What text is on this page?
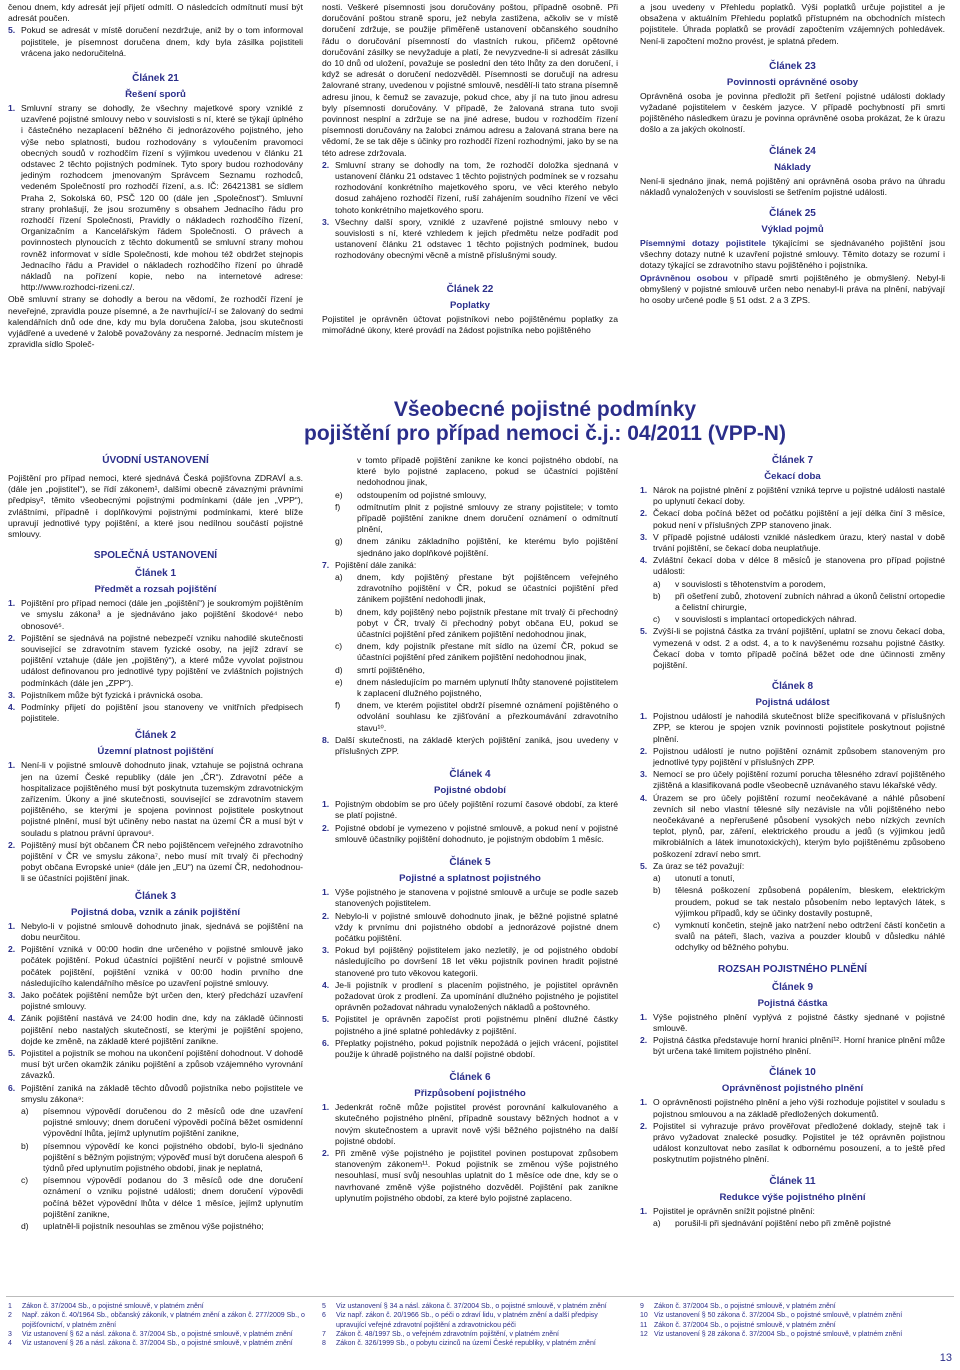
čenou dnem, kdy adresát její přijetí odmítl. O následcích odmítnutí musí být adresát poučen.

5. Pokud se adresát v místě doručení nezdržuje, aniž by o tom informoval pojistitele, je písemnost doručena dnem, kdy byla zásilka pojistiteli vrácena jako nedoručitelná.
Článek 21
Řešení sporů
1. Smluvní strany se dohodly, že všechny majetkové spory vzniklé z uzavřené pojistné smlouvy nebo v souvislosti s ní, které se týkají úplného i částečného nezaplacení běžného či jednorázového pojistného, jeho výše nebo splatnosti, budou rozhodovány s vyloučením pravomoci obecných soudů v rozhodčím řízení s výjimkou uvedenou v článku 21 odstavec 2 těchto pojistných podmínek. Tyto spory budou rozhodovány jediným rozhodcem jmenovaným Správcem Seznamu rozhodců, vedeném Společností pro rozhodčí řízení, a.s. IČ: 26421381 se sídlem Praha 2, Sokolská 60, PSČ 120 00 (dále jen „Společnost“). Smluvní strany prohlašují, že jsou srozuměny s obsahem Jednacího řádu pro rozhodčí řízení Společnosti, Pravidly o nákladech rozhodčího řízení, Organizačním a Kancelářským řádem Společnosti. O právech a povinnostech plynoucích z těchto dokumentů se smluvní strany mohou rovněž informovat v sídle Společnosti, kde mohou též obdržet stejnopis Jednacího řádu a Pravidel o nákladech rozhodčího řízení po úhradě nákladů na pořízení kopie, nebo na internetové adrese: http://www.rozhodci-rizeni.cz/.

Obě smluvní strany se dohodly a berou na vědomí, že rozhodčí řízení je neveřejné, zpravidla pouze písemné, a že navrhující/-í se žalovaný do sedmi kalendářních dnů ode dne, kdy mu byla doručena žaloba, jsou skutečnosti vyjádřené a uvedené v žalobě považovány za nesporné. Jednacím místem je zpravidla sídlo Společ-

nosti. Veškeré písemnosti jsou doručovány poštou, případně osobně. Při doručování poštou straně sporu, jež nebyla zastižena, ačkoliv se v místě doručení zdržuje, se použije přiměřeně ustanovení občanského soudního řádu o doručování písemností do vlastních rukou, přičemž opětovné doručování zásilky se nevyžaduje a platí, že nevyzvedne-li si adresát zásilku do 10 dnů od uložení, považuje se poslední den této lhůty za den doručení, i když se adresát o doručení nedozvěděl. Písemnosti se doručují na adresu žalovrané strany, uvedenou v pojistné smlouvě, nesdělí-li tato strana písemně adresu jinou, k čemuž se zavazuje, pokud chce, aby jí na tuto jinou adresu byly písemnosti doručovány. V případě, že žalovaná strana tuto svoji povinnost nesplní a zdržuje se na jiné adrese, budou v rozhodčím řízení písemnosti doručovány na žalobci známou adresu a žalovaná strana bere na vědomí, že se tak děje s účinky pro rozhodčí řízení rozhodnými, jako by se na této adrese zdržovala.

2. Smluvní strany se dohodly na tom, že rozhodčí doložka sjednaná v ustanovení článku 21 odstavec 1 těchto pojistných podmínek se v rozsahu rozhodování konkrétního majetkového sporu, ve věci kterého nebylo dosud zahájeno rozhodčí řízení, ruší zahájením soudního řízení ve věci tohoto konkrétního majetkového sporu.
3. Všechny další spory, vzniklé z uzavřené pojistné smlouvy nebo v souvislosti s ní, které vzhledem k jejich předmětu nelze podřadit pod ustanovení článku 21 odstavec 1 těchto pojistných podmínek, budou rozhodovány obecnými věcně a místně příslušnými soudy.
Článek 22
Poplatky

Pojistitel je oprávněn účtovat pojistníkovi nebo pojištěnému poplatky za mimořádné úkony, které provádí na žádost pojistníka nebo pojištěného

a jsou uvedeny v Přehledu poplatků. Výši poplatků určuje pojistitel a je obsažena v aktuálním Přehledu poplatků přístupném na obchodních místech pojistitele. Úhrada poplatků se provádí započtením vzájemných pohledávek. Není-li započtení možno provést, je splatná předem.

Článek 23
Povinnosti oprávněné osoby

Oprávněná osoba je povinna předložit při šetření pojistné události doklady vyžadané pojistitelem v českém jazyce. V případě pochybností při smrti pojištěného následkem úrazu je povinna oprávněné osoba prokázat, že k úrazu došlo a za jakých okolností.

Článek 24
Náklady

Není-li sjednáno jinak, nemá pojištěný ani oprávněná osoba právo na úhradu nákladů vynaložených v souvislosti se šetřením pojistné události.

Článek 25
Výklad pojmů

Písemnými dotazy pojistitele týkajícími se sjednávaného pojištění jsou všechny dotazy nutné k uzavření pojistné smlouvy. Těmito dotazy se rozumí i dotazy týkající se zdravotního stavu pojištěného i pojistníka.

Oprávněnou osobou v případě smrti pojištěného je obmyšlený. Nebyl-li obmyšlený v pojistné smlouvě určen nebo nenabyl-li práva na plnění, nabývají ho osoby určené podle § 51 odst. 2 a 3 ZPS.

Všeobecné pojistné podmínky
pojištění pro případ nemoci č.j.: 04/2011 (VPP-N)
ÚVODNÍ USTANOVENÍ

Pojištění pro případ nemoci, které sjednává Česká pojišťovna ZDRAVÍ a.s. (dále jen „pojistitel“), se řídí zákonem¹, dalšími obecně závaznými právními předpisy², těmito všeobecnými pojistnými podmínkami (dále jen „VPP“), zvláštními, případně i doplňkovými pojistnými podmínkami, které blíže upravují jednotlivé typy pojištění, a které jsou nedílnou součástí pojistné smlouvy.

SPOLEČNÁ USTANOVENÍ
Článek 1
Předmět a rozsah pojištění
1. Pojištění pro případ nemoci (dále jen „pojištění“) je soukromým pojištěním ve smyslu zákona³ a je sjednáváno jako pojištění škodové⁴ nebo obnosové⁵.
2. Pojištění se sjednává na pojistné nebezpečí vzniku nahodilé skutečnosti související se zdravotním stavem fyzické osoby, na jejíž zdraví se pojištění vztahuje (dále jen „pojištěný“), a které může vyvolat pojistnou událost definovanou pro jednotlivé typy pojištění ve zvláštních pojistných podmínkách (dále jen „ZPP“).
3. Pojistníkem může být fyzická i právnická osoba.
4. Podmínky přijetí do pojištění jsou stanoveny ve vnitřních předpisech pojistitele.
Článek 2
Územní platnost pojištění
1. Není-li v pojistné smlouvě dohodnuto jinak, vztahuje se pojistná ochrana jen na území České republiky (dále jen „ČR“). Zdravotní péče a hospitalizace pojištěného musí být poskytnuta tuzemským zdravotnickým zařízením. Úkony a jiné skutečnosti, související se zdravotním stavem pojištěného, se kterými je spojena povinnost pojistitele poskytnout pojistné plnění, musí být učiněny nebo nastat na území ČR a musí být v souladu s platnou právní úpravou⁶.
2. Pojištěný musí být občanem ČR nebo pojištěncem veřejného zdravotního pojištění v ČR ve smyslu zákona⁷, nebo musí mít trvalý či přechodný pobyt občana Evropské unie⁸ (dále jen „EU“) na území ČR, nedohodnou-li se účastníci pojištění jinak.
Článek 3
Pojistná doba, vznik a zánik pojištění
1. Nebylo-li v pojistné smlouvě dohodnuto jinak, sjednává se pojištění na dobu neurčitou.
2. Pojištění vzniká v 00:00 hodin dne určeného v pojistné smlouvě jako počátek pojištění. Pokud účastníci pojištění neurčí v pojistné smlouvě počátek pojištění, pojištění vzniká v 00:00 hodin prvního dne následujícího kalendářního měsíce po uzavření pojistné smlouvy.
3. Jako počátek pojištění nemůže být určen den, který předchází uzavření pojistné smlouvy.
4. Zánik pojištění nastává ve 24:00 hodin dne, kdy na základě účinnosti pojištění nebo nastalých skutečností, se kterými je pojištění spojeno, dojde ke změně, na základě které pojištění zanikne.
5. Pojistitel a pojistník se mohou na ukončení pojištění dohodnout. V dohodě musí být určen okamžik zániku pojištění a způsob vzájemného vyrovnání závazků.
6. Pojištění zaniká na základě těchto důvodů pojistníka nebo pojistitele ve smyslu zákona⁹:
a)	písemnou výpovědí doručenou do 2 měsíců ode dne uzavření pojistné smlouvy; dnem doručení výpovědi počíná běžet osmidenní výpovědní lhůta, jejímž uplynutím pojištění zanikne,
b)	písemnou výpovědí ke konci pojistného období, bylo-li sjednáno pojištění s běžným pojistným; výpověď musí být doručena alespoň 6 týdnů před uplynutím pojistného období, jinak je neplatná,
c)	písemnou výpovědí podanou do 3 měsíců ode dne doručení oznámení o vzniku pojistné události; dnem doručení výpovědi počíná běžet výpovědní lhůta v délce 1 měsíce, jejímž uplynutím pojištění zanikne,
d)	uplatněl-li pojistník nesouhlas se změnou výše pojistného;

v tomto případě pojištění zanikne ke konci pojistného období, na které bylo pojistné zaplaceno, pokud se účastníci pojištění nedohodnou jinak,

e)	odstoupením od pojistné smlouvy,
f)	odmítnutím plnit z pojistné smlouvy ze strany pojistitele; v tomto případě pojištění zanikne dnem doručení oznámení o odmítnutí plnění,
g)	dnem zániku základního pojištění, ke kterému bylo pojištění sjednáno jako doplňkové pojištění.
7. Pojištění dále zaniká:
a)	dnem, kdy pojištěný přestane být pojištěncem veřejného zdravotního pojištění v ČR, pokud se účastníci pojištění před zánikem pojištění nedohodli jinak,
b)	dnem, kdy pojištěný nebo pojistník přestane mít trvalý či přechodný pobyt v ČR, trvalý či přechodný pobyt občana EU, pokud se účastníci pojištění před zánikem pojištění nedohodnou jinak,
c)	dnem, kdy pojistník přestane mít sídlo na území ČR, pokud se účastníci pojištění před zánikem pojištění nedohodnou jinak,
d)	smrtí pojištěného,
e)	dnem následujícím po marném uplynutí lhůty stanovené pojistitelem k zaplacení dlužného pojistného,
f)	dnem, ve kterém pojistitel obdrží písemné oznámení pojištěného o odvolání souhlasu ke zjišťování a přezkoumávání zdravotního stavu¹⁰.
8. Další skutečnosti, na základě kterých pojištění zaniká, jsou uvedeny v příslušných ZPP.
Článek 4
Pojistné období
1. Pojistným obdobím se pro účely pojištění rozumí časové období, za které se platí pojistné.
2. Pojistné období je vymezeno v pojistné smlouvě, a pokud není v pojistné smlouvě účastníky pojištění dohodnuto, je pojistným obdobím 1 měsíc.
Článek 5
Pojistné a splatnost pojistného
1. Výše pojistného je stanovena v pojistné smlouvě a určuje se podle sazeb stanovených pojistitelem.
2. Nebylo-li v pojistné smlouvě dohodnuto jinak, je běžné pojistné splatné vždy k prvnímu dni pojistného období a jednorázové pojistné dnem počátku pojištění.
3. Pokud byl pojištěný pojistitelem jako nezletilý, je od pojistného období následujícího po dovršení 18 let věku pojistník povinen hradit pojistné stanovené pro tuto věkovou kategorii.
4. Je-li pojistník v prodlení s placením pojistného, je pojistitel oprávněn požadovat úrok z prodlení. Za upomínání dlužného pojistného je pojistitel oprávněn požadovat náhradu vynaložených nákladů a poštovného.
5. Pojistitel je oprávněn započíst proti pojistnému plnění dlužné částky pojistného a jiné splatné pohledávky z pojištění.
6. Přeplatky pojistného, pokud pojistník nepožádá o jejich vrácení, pojistitel použije k úhradě pojistného na další pojistné období.
Článek 6
Přizpůsobení pojistného
1. Jedenkrát ročně může pojistitel provést porovnání kalkulovaného a skutečného pojistného plnění, případně soustavy běžných hodnot a v novým skutečnostem a upravit nově výši běžného pojistného na další pojistné období.
2. Při změně výše pojistného je pojistitel povinen postupovat způsobem stanoveným zákonem¹¹. Pokud pojistník se změnou výše pojistného nesouhlasí, musí svůj nesouhlas uplatnit do 1 měsíce ode dne, kdy se o navrhované změně výše pojistného dozvěděl. Pojištění pak zanikne uplynutím pojistného období, za které bylo pojistné zaplaceno.
Článek 7
Čekací doba
1. Nárok na pojistné plnění z pojištění vzniká teprve u pojistné události nastalé po uplynutí čekací doby.
2. Čekací doba počíná běžet od počátku pojištění a její délka činí 3 měsíce, pokud není v příslušných ZPP stanoveno jinak.
3. V případě pojistné události vzniklé následkem úrazu, který nastal v době trvání pojištění, se čekací doba neuplatňuje.
4. Zvláštní čekací doba v délce 8 měsíců je stanovena pro případ pojistné události:
a)	v souvislosti s těhotenstvím a porodem,
b)	při ošetření zubů, zhotovení zubních náhrad a úkonů čelistní ortopedie a čelistní chirurgie,
c)	v souvislosti s implantací ortopedických náhrad.
5. Zvýší-li se pojistná částka za trvání pojištění, uplatní se znovu čekací doba, vymezená v odst. 2 a odst. 4, a to k navýšenému rozsahu pojistné částky. Čekací doba v tomto případě počíná běžet ode dne účinnosti změny pojištění.
Článek 8
Pojistná událost
1. Pojistnou událostí je nahodilá skutečnost blíže specifikovaná v příslušných ZPP, se kterou je spojen vznik povinnosti pojistitele poskytnout pojistné plnění.
2. Pojistnou událostí je nutno pojištění oznámit způsobem stanoveným pro jednotlivé typy pojištění v příslušných ZPP.
3. Nemocí se pro účely pojištění rozumí porucha tělesného zdraví pojištěného zjištěná a klasifikovaná podle všeobecně uznávaného stavu lékařské vědy.
4. Úrazem se pro účely pojištění rozumí neočekávané a náhlé působení zevních sil nebo vlastní tělesné síly nezávisle na vůli pojištěného nebo neočekávané a nepřerušené působení vysokých nebo nízkých zevních teplot, plynů, par, záření, elektrického proudu a jedů (s výjimkou jedů mikrobiálních a látek imunotoxických), kterým bylo pojištěnému způsobeno poškození zdraví nebo smrt.
5. Za úraz se též považují:
a)	utonutí a tonutí,
b)	tělesná poškození způsobená popálením, bleskem, elektrickým proudem, pokud se tak nestalo působením nebo leptavých látek, s výjimkou případů, kdy se účinky dostavily postupně,
c)	vymknutí končetin, stejně jako natržení nebo odtržení částí končetin a svalů na páteři, šlach, vaziva a pouzder kloubů v důsledku náhlé odchylky od běžného pohybu.
ROZSAH POJISTNÉHO PLNĚNÍ
Článek 9
Pojistná částka
1. Výše pojistného plnění vyplývá z pojistné částky sjednané v pojistné smlouvě.
2. Pojistná částka představuje horní hranici plnění¹². Horní hranice plnění může být určena také limitem pojistného plnění.
Článek 10
Oprávněnost pojistného plnění
1. O oprávněnosti pojistného plnění a jeho výši rozhoduje pojistitel v souladu s pojistnou smlouvou a na základě předložených dokumentů.
2. Pojistitel si vyhrazuje právo prověřovat předložené doklady, stejně tak i právo vyžadovat znalecké posudky. Pojistitel je též oprávněn pojistnou událost konzultovat nebo zasílat k odbornému posouzení, a to ještě před poskytnutím pojistného plnění.
Článek 11
Redukce výše pojistného plnění
1. Pojistitel je oprávněn snížit pojistné plnění:
a)	porušil-li při sjednávání pojištění nebo při změně pojistné
1	Zákon č. 37/2004 Sb., o pojistné smlouvě, v platném znění
2	Např. zákon č. 40/1964 Sb., občanský zákoník, v platném znění a zákon č. 277/2009 Sb., o pojišťovnictví, v platném znění
3	Viz ustanovení § 62 a násl. zákona č. 37/2004 Sb., o pojistné smlouvě, v platném znění
4	Viz ustanovení § 26 a násl. zákona č. 37/2004 Sb., o pojistné smlouvě, v platném znění
5	Viz ustanovení § 34 a násl. zákona č. 37/2004 Sb., o pojistné smlouvě, v platném znění
6	Viz např. zákon č. 20/1966 Sb., o péči o zdraví lidu, v platném znění a další předpisy upravující veřejné zdravotní pojištění a zdravotnickou péči
7	Zákon č. 48/1997 Sb., o veřejném zdravotním pojištění, v platném znění
8	Zákon č. 326/1999 Sb., o pobytu cizinců na území České republiky, v platném znění
9	Zákon č. 37/2004 Sb., o pojistné smlouvě, v platném znění
10 Viz ustanovení § 50 zákona č. 37/2004 Sb., o pojistné smlouvě, v platném znění
11 Zákon č. 37/2004 Sb., o pojistné smlouvě, v platném znění
12 Viz ustanovení § 28 zákona č. 37/2004 Sb., o pojistné smlouvě, v platném znění
13
